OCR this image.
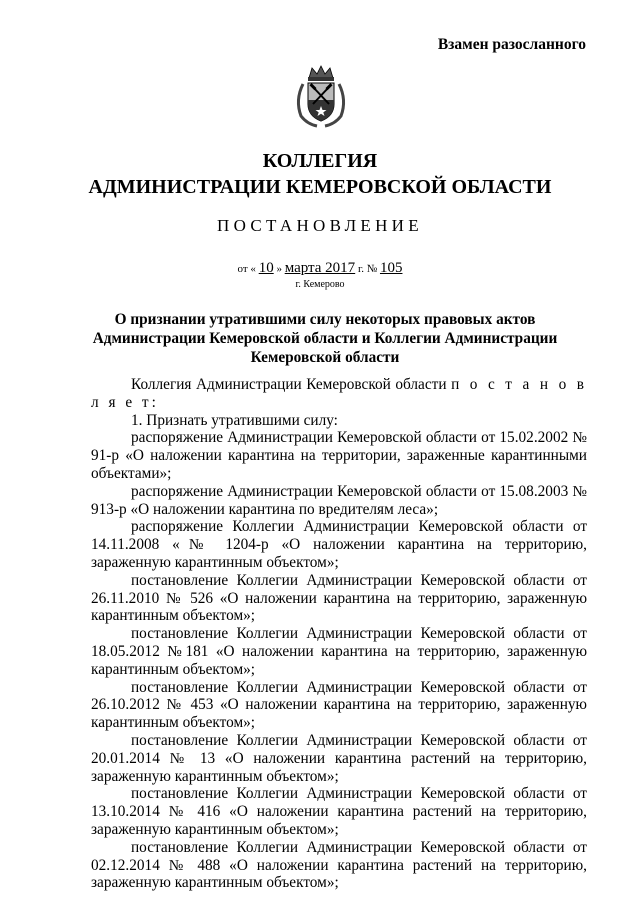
Взамен разосланного
КОЛЛЕГИЯ
АДМИНИСТРАЦИИ КЕМЕРОВСКОЙ ОБЛАСТИ
ПОСТАНОВЛЕНИЕ
от « 10 » марта 2017 г. № 105
г. Кемерово
О признании утратившими силу некоторых правовых актов
Администрации Кемеровской области и Коллегии Администрации
Кемеровской области

Коллегия Администрации Кемеровской области п о с т а н о в л я е т:

1. Признать утратившими силу:

распоряжение Администрации Кемеровской области от 15.02.2002 № 91-р «О наложении карантина на территории, зараженные карантинными объектами»;

распоряжение Администрации Кемеровской области от 15.08.2003 № 913-р «О наложении карантина по вредителям леса»;

распоряжение Коллегии Администрации Кемеровской области от 14.11.2008 «№ 1204-р «О наложении карантина на территорию, зараженную карантинным объектом»;

постановление Коллегии Администрации Кемеровской области от 26.11.2010 № 526 «О наложении карантина на территорию, зараженную карантинным объектом»;

постановление Коллегии Администрации Кемеровской области от 18.05.2012 №181 «О наложении карантина на территорию, зараженную карантинным объектом»;

постановление Коллегии Администрации Кемеровской области от 26.10.2012 № 453 «О наложении карантина на территорию, зараженную карантинным объектом»;

постановление Коллегии Администрации Кемеровской области от 20.01.2014 № 13 «О наложении карантина растений на территорию, зараженную карантинным объектом»;

постановление Коллегии Администрации Кемеровской области от 13.10.2014 № 416 «О наложении карантина растений на территорию, зараженную карантинным объектом»;

постановление Коллегии Администрации Кемеровской области от 02.12.2014 № 488 «О наложении карантина растений на территорию, зараженную карантинным объектом»;
